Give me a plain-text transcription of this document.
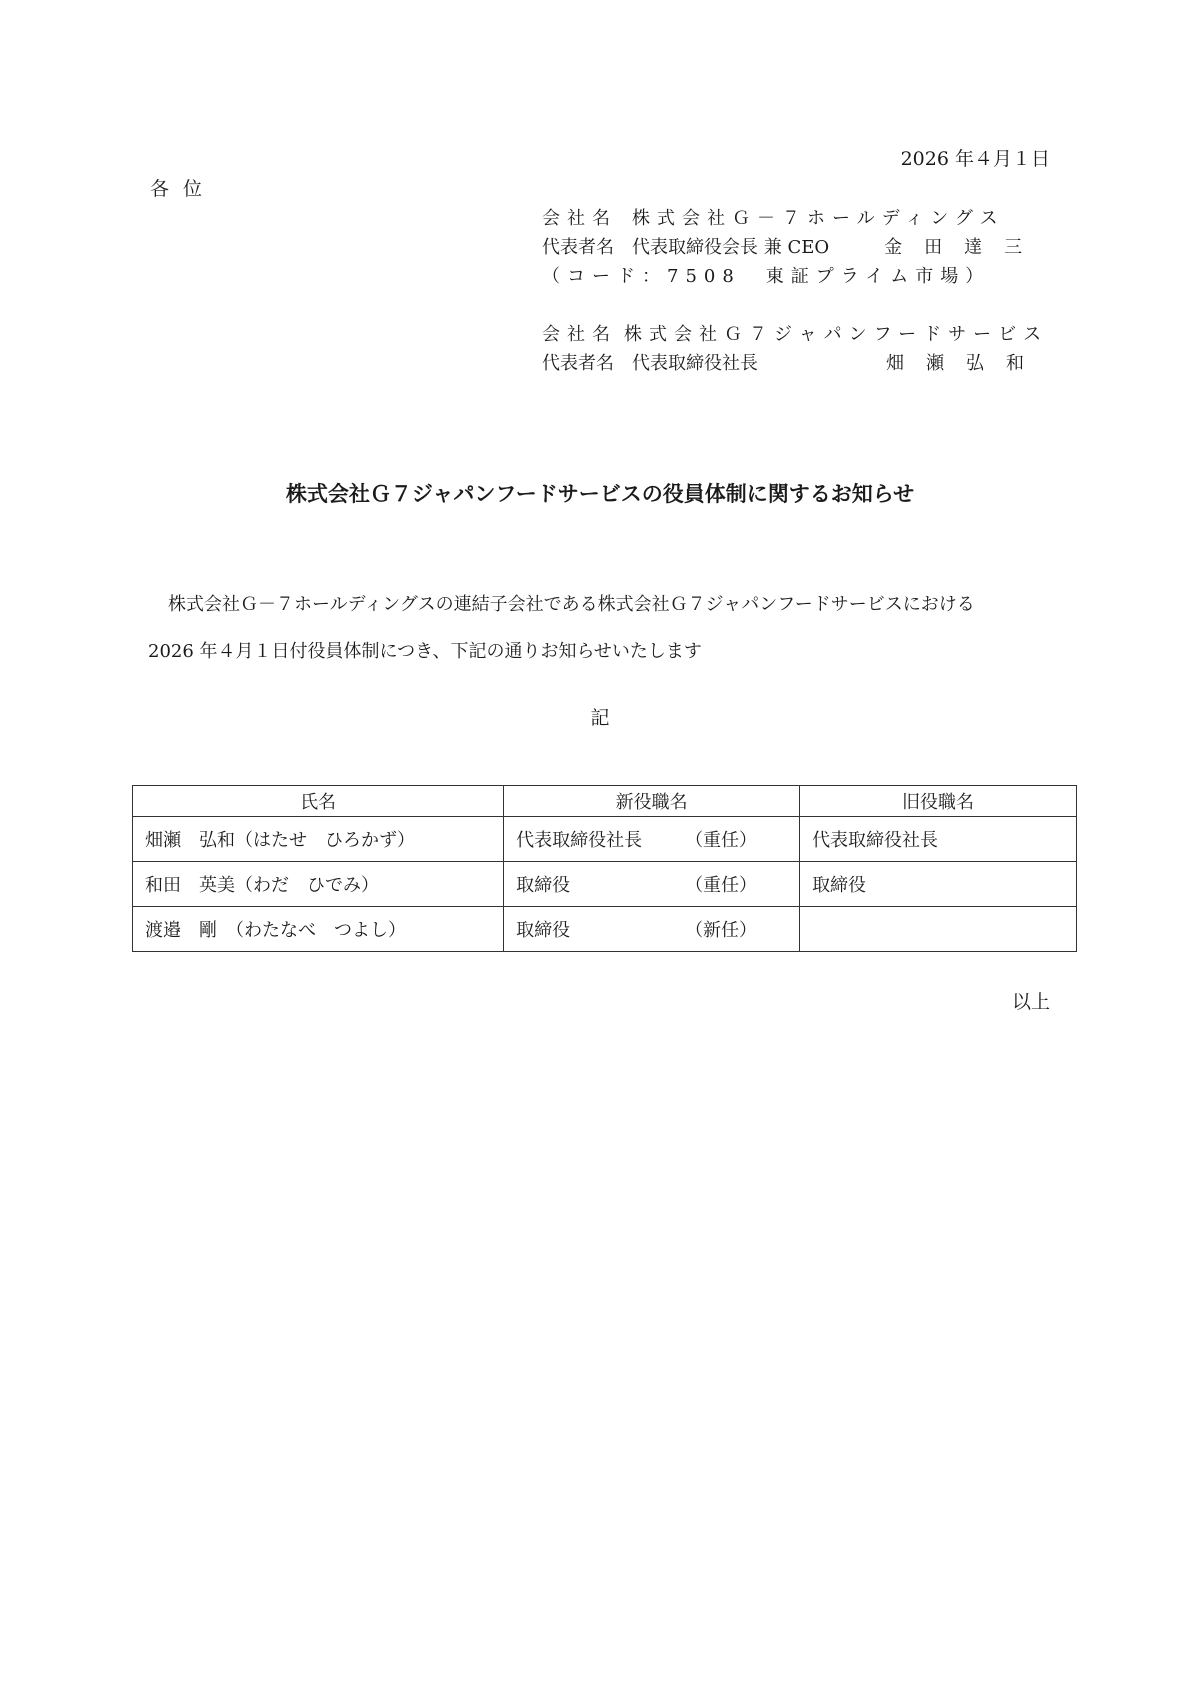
2026 年４月１日
各位
会社名 株式会社Ｇ－７ホールディングス
代表者名 代表取締役会長 兼 CEO	金田達三
（コード：7508　東証プライム市場）
会社名 株式会社Ｇ７ジャパンフードサービス
代表者名 代表取締役社長	畑瀬弘和
株式会社Ｇ７ジャパンフードサービスの役員体制に関するお知らせ
株式会社Ｇ－７ホールディングスの連結子会社である株式会社Ｇ７ジャパンフードサービスにおける
2026 年４月１日付役員体制につき、下記の通りお知らせいたします
記
氏名	新役職名	旧役職名
畑瀬　弘和（はたせ　ひろかず）	代表取締役社長 （重任）	代表取締役社長
和田　英美（わだ　ひでみ）	取締役 （重任）	取締役
渡邉　剛　（わたなべ　つよし）	取締役 （新任）	

以上
